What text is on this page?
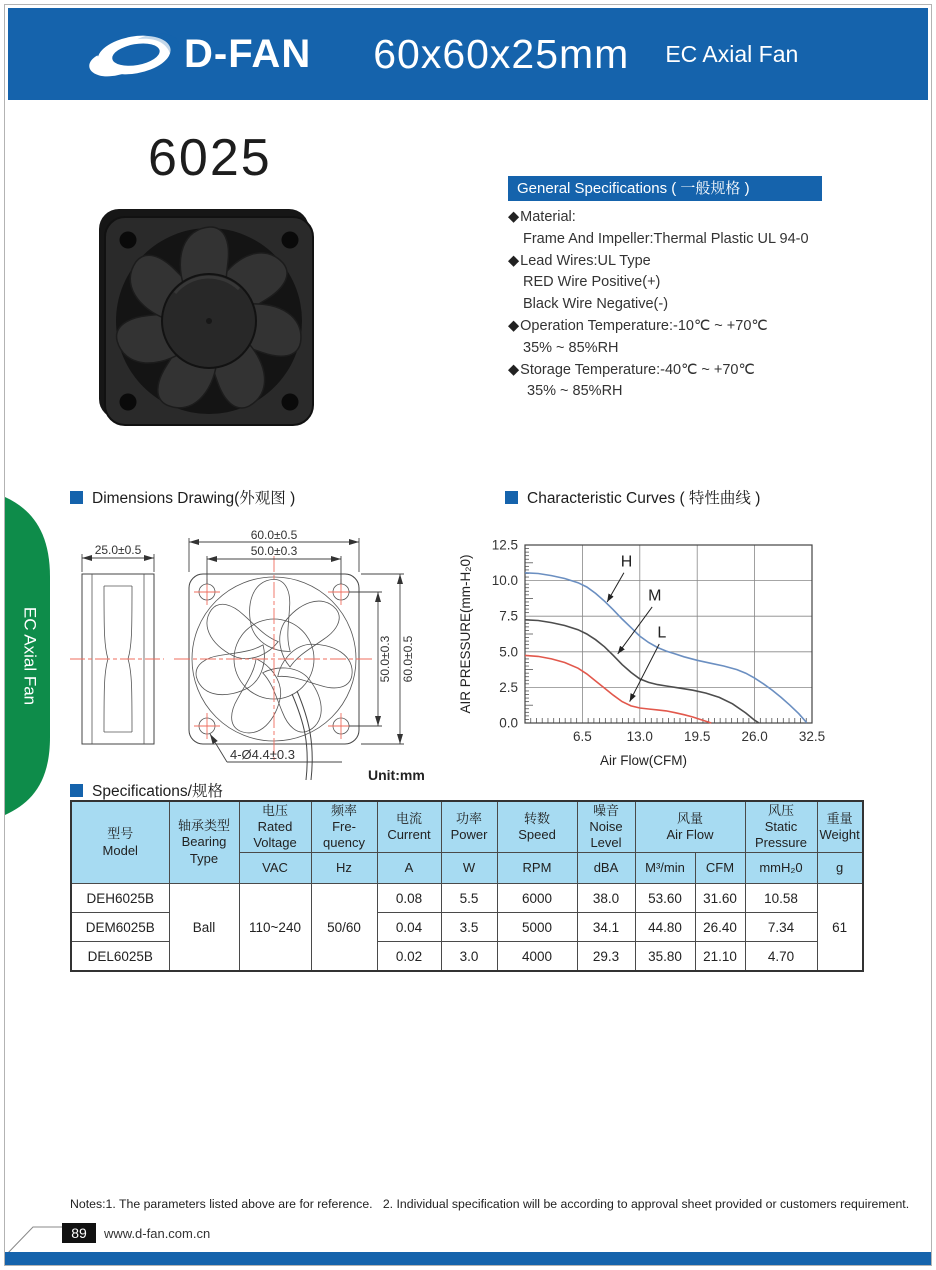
D-FAN 60x60x25mm EC Axial Fan
6025
General Specifications ( 一般规格 )
◆Material:
Frame And Impeller:Thermal Plastic UL 94-0
◆Lead Wires:UL Type
RED Wire Positive(+)
Black Wire Negative(-)
◆Operation Temperature:-10℃ ~ +70℃
35% ~ 85%RH
◆Storage Temperature:-40℃ ~ +70℃
35% ~ 85%RH
Dimensions Drawing(外观图 )	Characteristic Curves ( 特性曲线 )
25.0±0.5
60.0±0.5
50.0±0.3
50.0±0.3 60.0±0.5
4-Ø4.4±0.3
Unit:mm
6.5	13.0 19.5 26.0 32.5
0.0
2.5
5.0
7.5
10.0
12.5
H
M
L
Air Flow(CFM)
AIR PRESSURE(mm-H₂0)
Specifications/规格
型号
Model

轴承类型
Bearing Type

电压
Rated Voltage

频率
Fre-quency

电流
Current

功率
Power

转数
Speed

噪音
Noise Level

风量
Air Flow

风压
Static Pressure

重量
Weight

		VAC	Hz	A	W	RPM	dBA	M³/min	CFM	mmH₂0	g
DEH6025B	Ball	110~240	50/60	0.08	5.5	6000	38.0	53.60	31.60	10.58	61
DEM6025B				0.04	3.5	5000	34.1	44.80	26.40	7.34	
DEL6025B				0.02	3.0	4000	29.3	35.80	21.10	4.70	
Notes:1. The parameters listed above are for reference.   2. Individual specification will be according to approval sheet provided or customers requirement.
89	www.d-fan.com.cn
EC Axial Fan
